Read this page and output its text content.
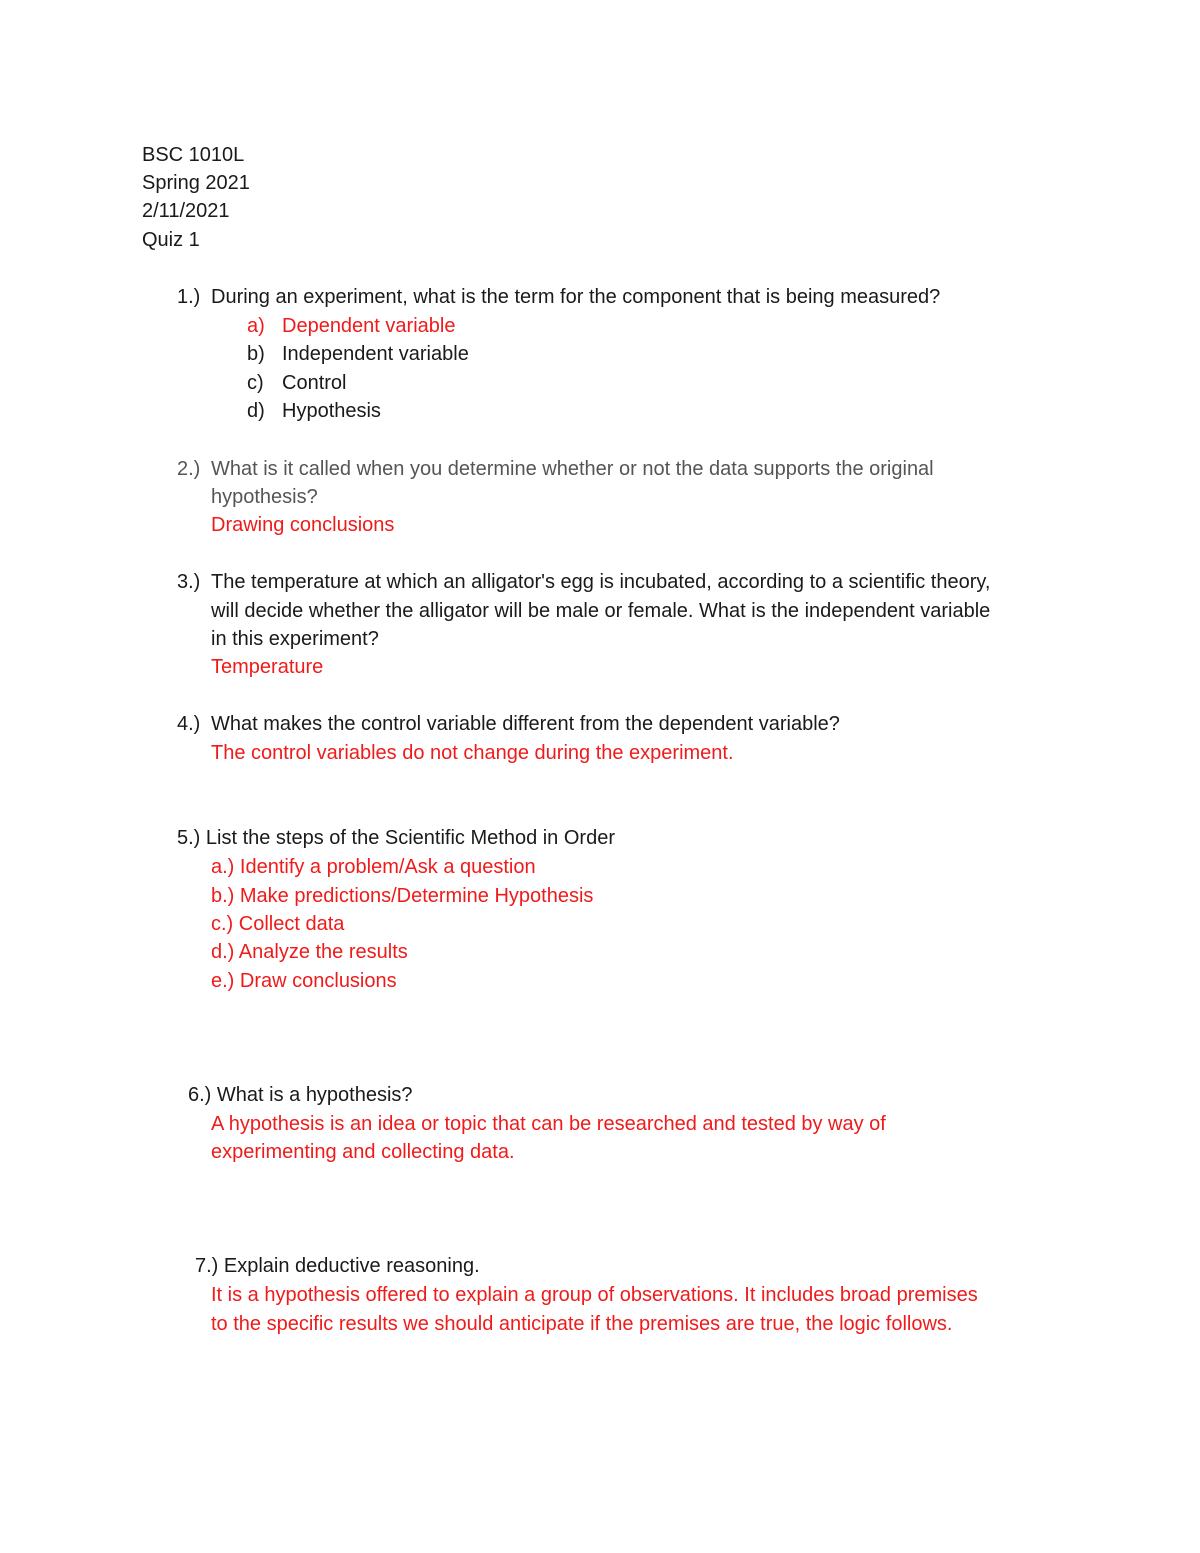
BSC 1010L
Spring 2021
2/11/2021
Quiz 1
1.) During an experiment, what is the term for the component that is being measured?
a) Dependent variable
b) Independent variable
c) Control
d) Hypothesis
2.) What is it called when you determine whether or not the data supports the original
hypothesis?
Drawing conclusions
3.) The temperature at which an alligator's egg is incubated, according to a scientific theory,
will decide whether the alligator will be male or female. What is the independent variable
in this experiment?
Temperature
4.) What makes the control variable different from the dependent variable?
The control variables do not change during the experiment.
5.) List the steps of the Scientific Method in Order
a.) Identify a problem/Ask a question
b.) Make predictions/Determine Hypothesis
c.) Collect data
d.) Analyze the results
e.) Draw conclusions
6.) What is a hypothesis?
A hypothesis is an idea or topic that can be researched and tested by way of
experimenting and collecting data.
7.) Explain deductive reasoning.
It is a hypothesis offered to explain a group of observations. It includes broad premises
to the specific results we should anticipate if the premises are true, the logic follows.
